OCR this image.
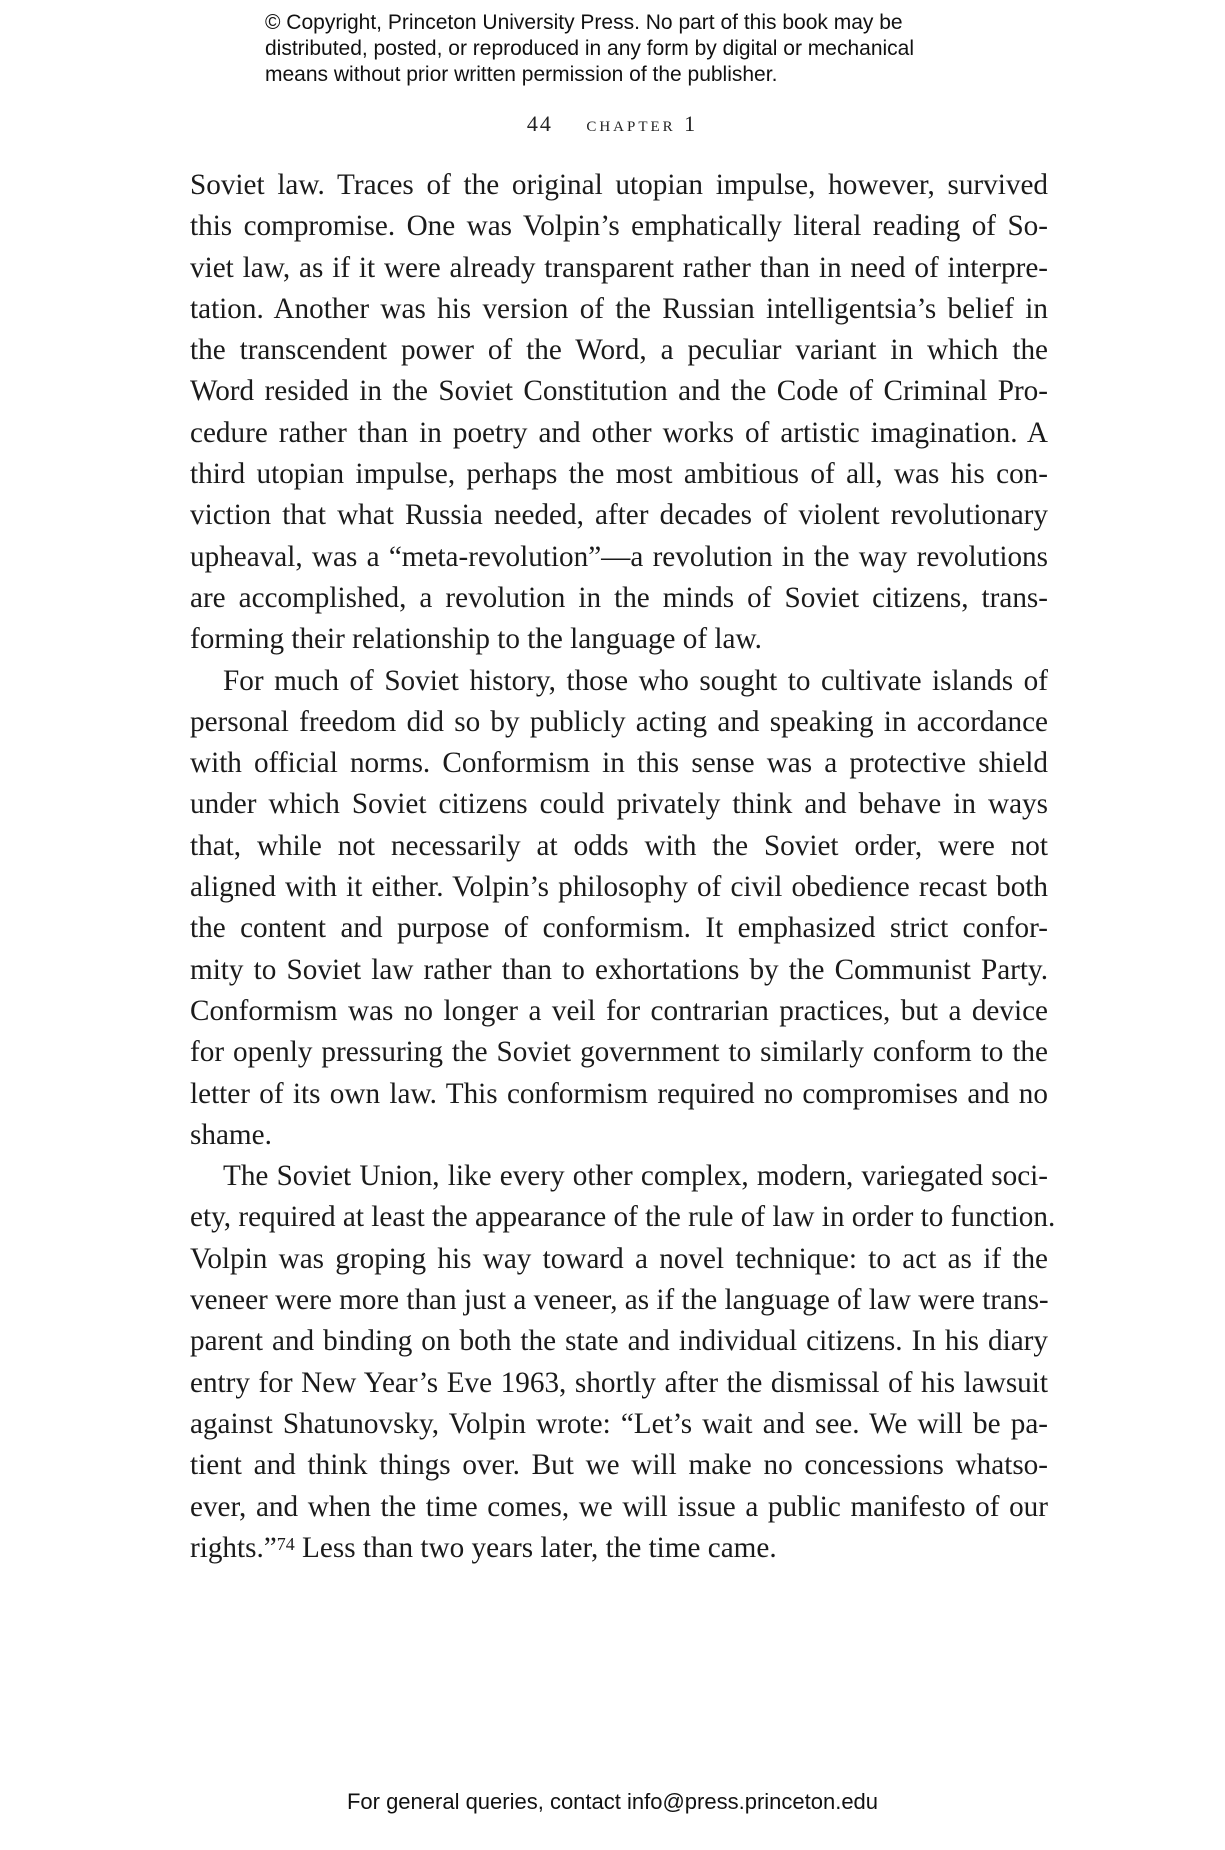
© Copyright, Princeton University Press. No part of this book may be
distributed, posted, or reproduced in any form by digital or mechanical
means without prior written permission of the publisher.
44 chapter 1
Soviet law. Traces of the original utopian impulse, however, survived
this compromise. One was Volpin’s emphatically literal reading of So-
viet law, as if it were already transparent rather than in need of interpre-
tation. Another was his version of the Russian intelligentsia’s belief in
the transcendent power of the Word, a peculiar variant in which the
Word resided in the Soviet Constitution and the Code of Criminal Pro-
cedure rather than in poetry and other works of artistic imagination. A
third utopian impulse, perhaps the most ambitious of all, was his con-
viction that what Russia needed, after decades of violent revolutionary
upheaval, was a “meta-revolution”—a revolution in the way revolutions
are accomplished, a revolution in the minds of Soviet citizens, trans-
forming their relationship to the language of law.
For much of Soviet history, those who sought to cultivate islands of
personal freedom did so by publicly acting and speaking in accordance
with official norms. Conformism in this sense was a protective shield
under which Soviet citizens could privately think and behave in ways
that, while not necessarily at odds with the Soviet order, were not
aligned with it either. Volpin’s philosophy of civil obedience recast both
the content and purpose of conformism. It emphasized strict confor-
mity to Soviet law rather than to exhortations by the Communist Party.
Conformism was no longer a veil for contrarian practices, but a device
for openly pressuring the Soviet government to similarly conform to the
letter of its own law. This conformism required no compromises and no
shame.
The Soviet Union, like every other complex, modern, variegated soci-
ety, required at least the appearance of the rule of law in order to function.
Volpin was groping his way toward a novel technique: to act as if the
veneer were more than just a veneer, as if the language of law were trans-
parent and binding on both the state and individual citizens. In his diary
entry for New Year’s Eve 1963, shortly after the dismissal of his lawsuit
against Shatunovsky, Volpin wrote: “Let’s wait and see. We will be pa-
tient and think things over. But we will make no concessions whatso-
ever, and when the time comes, we will issue a public manifesto of our
rights.”$^{74}$ Less than two years later, the time came.
For general queries, contact info@press.princeton.edu
